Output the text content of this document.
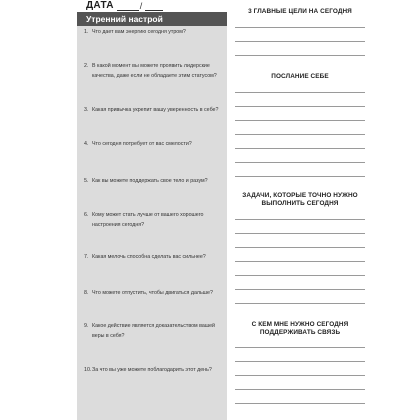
ДАТА	/
Утренний настрой
1. Что дает вам энергию сегодня утром?
2. В какой момент вы можете проявить лидерские качества, даже если не обладаете этим статусом?
3. Какая привычка укрепит вашу уверенность в себе?
4. Что сегодня потребует от вас смелости?
5. Как вы можете поддержать свое тело и разум?
6. Кому может стать лучше от вашего хорошего настроения сегодня?
7. Какая мелочь способна сделать вас сильнее?
8. Что можете отпустить, чтобы двигаться дальше?
9. Какое действие является доказательством вашей веры в себя?
10. За что вы уже можете поблагодарить этот день?
3 ГЛАВНЫЕ ЦЕЛИ НА СЕГОДНЯ
ПОСЛАНИЕ СЕБЕ
ЗАДАЧИ, КОТОРЫЕ ТОЧНО НУЖНО ВЫПОЛНИТЬ СЕГОДНЯ
С КЕМ МНЕ НУЖНО СЕГОДНЯ ПОДДЕРЖИВАТЬ СВЯЗЬ
